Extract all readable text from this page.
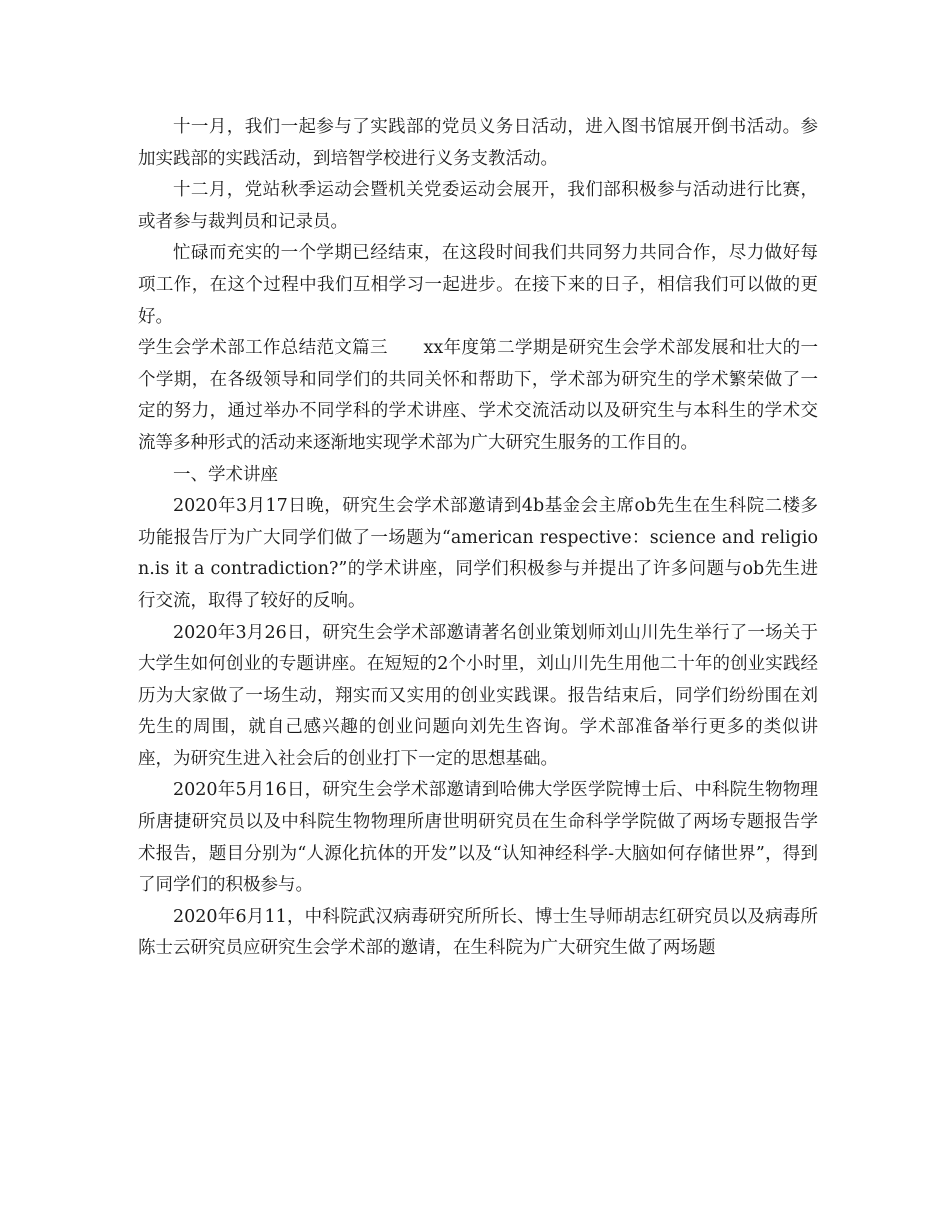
十一月，我们一起参与了实践部的党员义务日活动，进入图书馆展开倒书活动。参加实践部的实践活动，到培智学校进行义务支教活动。

十二月，党站秋季运动会暨机关党委运动会展开，我们部积极参与活动进行比赛，或者参与裁判员和记录员。

忙碌而充实的一个学期已经结束，在这段时间我们共同努力共同合作，尽力做好每项工作，在这个过程中我们互相学习一起进步。在接下来的日子，相信我们可以做的更好。

学生会学术部工作总结范文篇三　　xx年度第二学期是研究生会学术部发展和壮大的一个学期，在各级领导和同学们的共同关怀和帮助下，学术部为研究生的学术繁荣做了一定的努力，通过举办不同学科的学术讲座、学术交流活动以及研究生与本科生的学术交流等多种形式的活动来逐渐地实现学术部为广大研究生服务的工作目的。

一、学术讲座

2020年3月17日晚，研究生会学术部邀请到4b基金会主席ob先生在生科院二楼多功能报告厅为广大同学们做了一场题为“american respective：science and religion.is it a contradiction?”的学术讲座，同学们积极参与并提出了许多问题与ob先生进行交流，取得了较好的反响。

2020年3月26日，研究生会学术部邀请著名创业策划师刘山川先生举行了一场关于大学生如何创业的专题讲座。在短短的2个小时里，刘山川先生用他二十年的创业实践经历为大家做了一场生动，翔实而又实用的创业实践课。报告结束后，同学们纷纷围在刘先生的周围，就自己感兴趣的创业问题向刘先生咨询。学术部准备举行更多的类似讲座，为研究生进入社会后的创业打下一定的思想基础。

2020年5月16日，研究生会学术部邀请到哈佛大学医学院博士后、中科院生物物理所唐捷研究员以及中科院生物物理所唐世明研究员在生命科学学院做了两场专题报告学术报告，题目分别为“人源化抗体的开发”以及“认知神经科学-大脑如何存储世界”，得到了同学们的积极参与。

2020年6月11，中科院武汉病毒研究所所长、博士生导师胡志红研究员以及病毒所陈士云研究员应研究生会学术部的邀请，在生科院为广大研究生做了两场题
